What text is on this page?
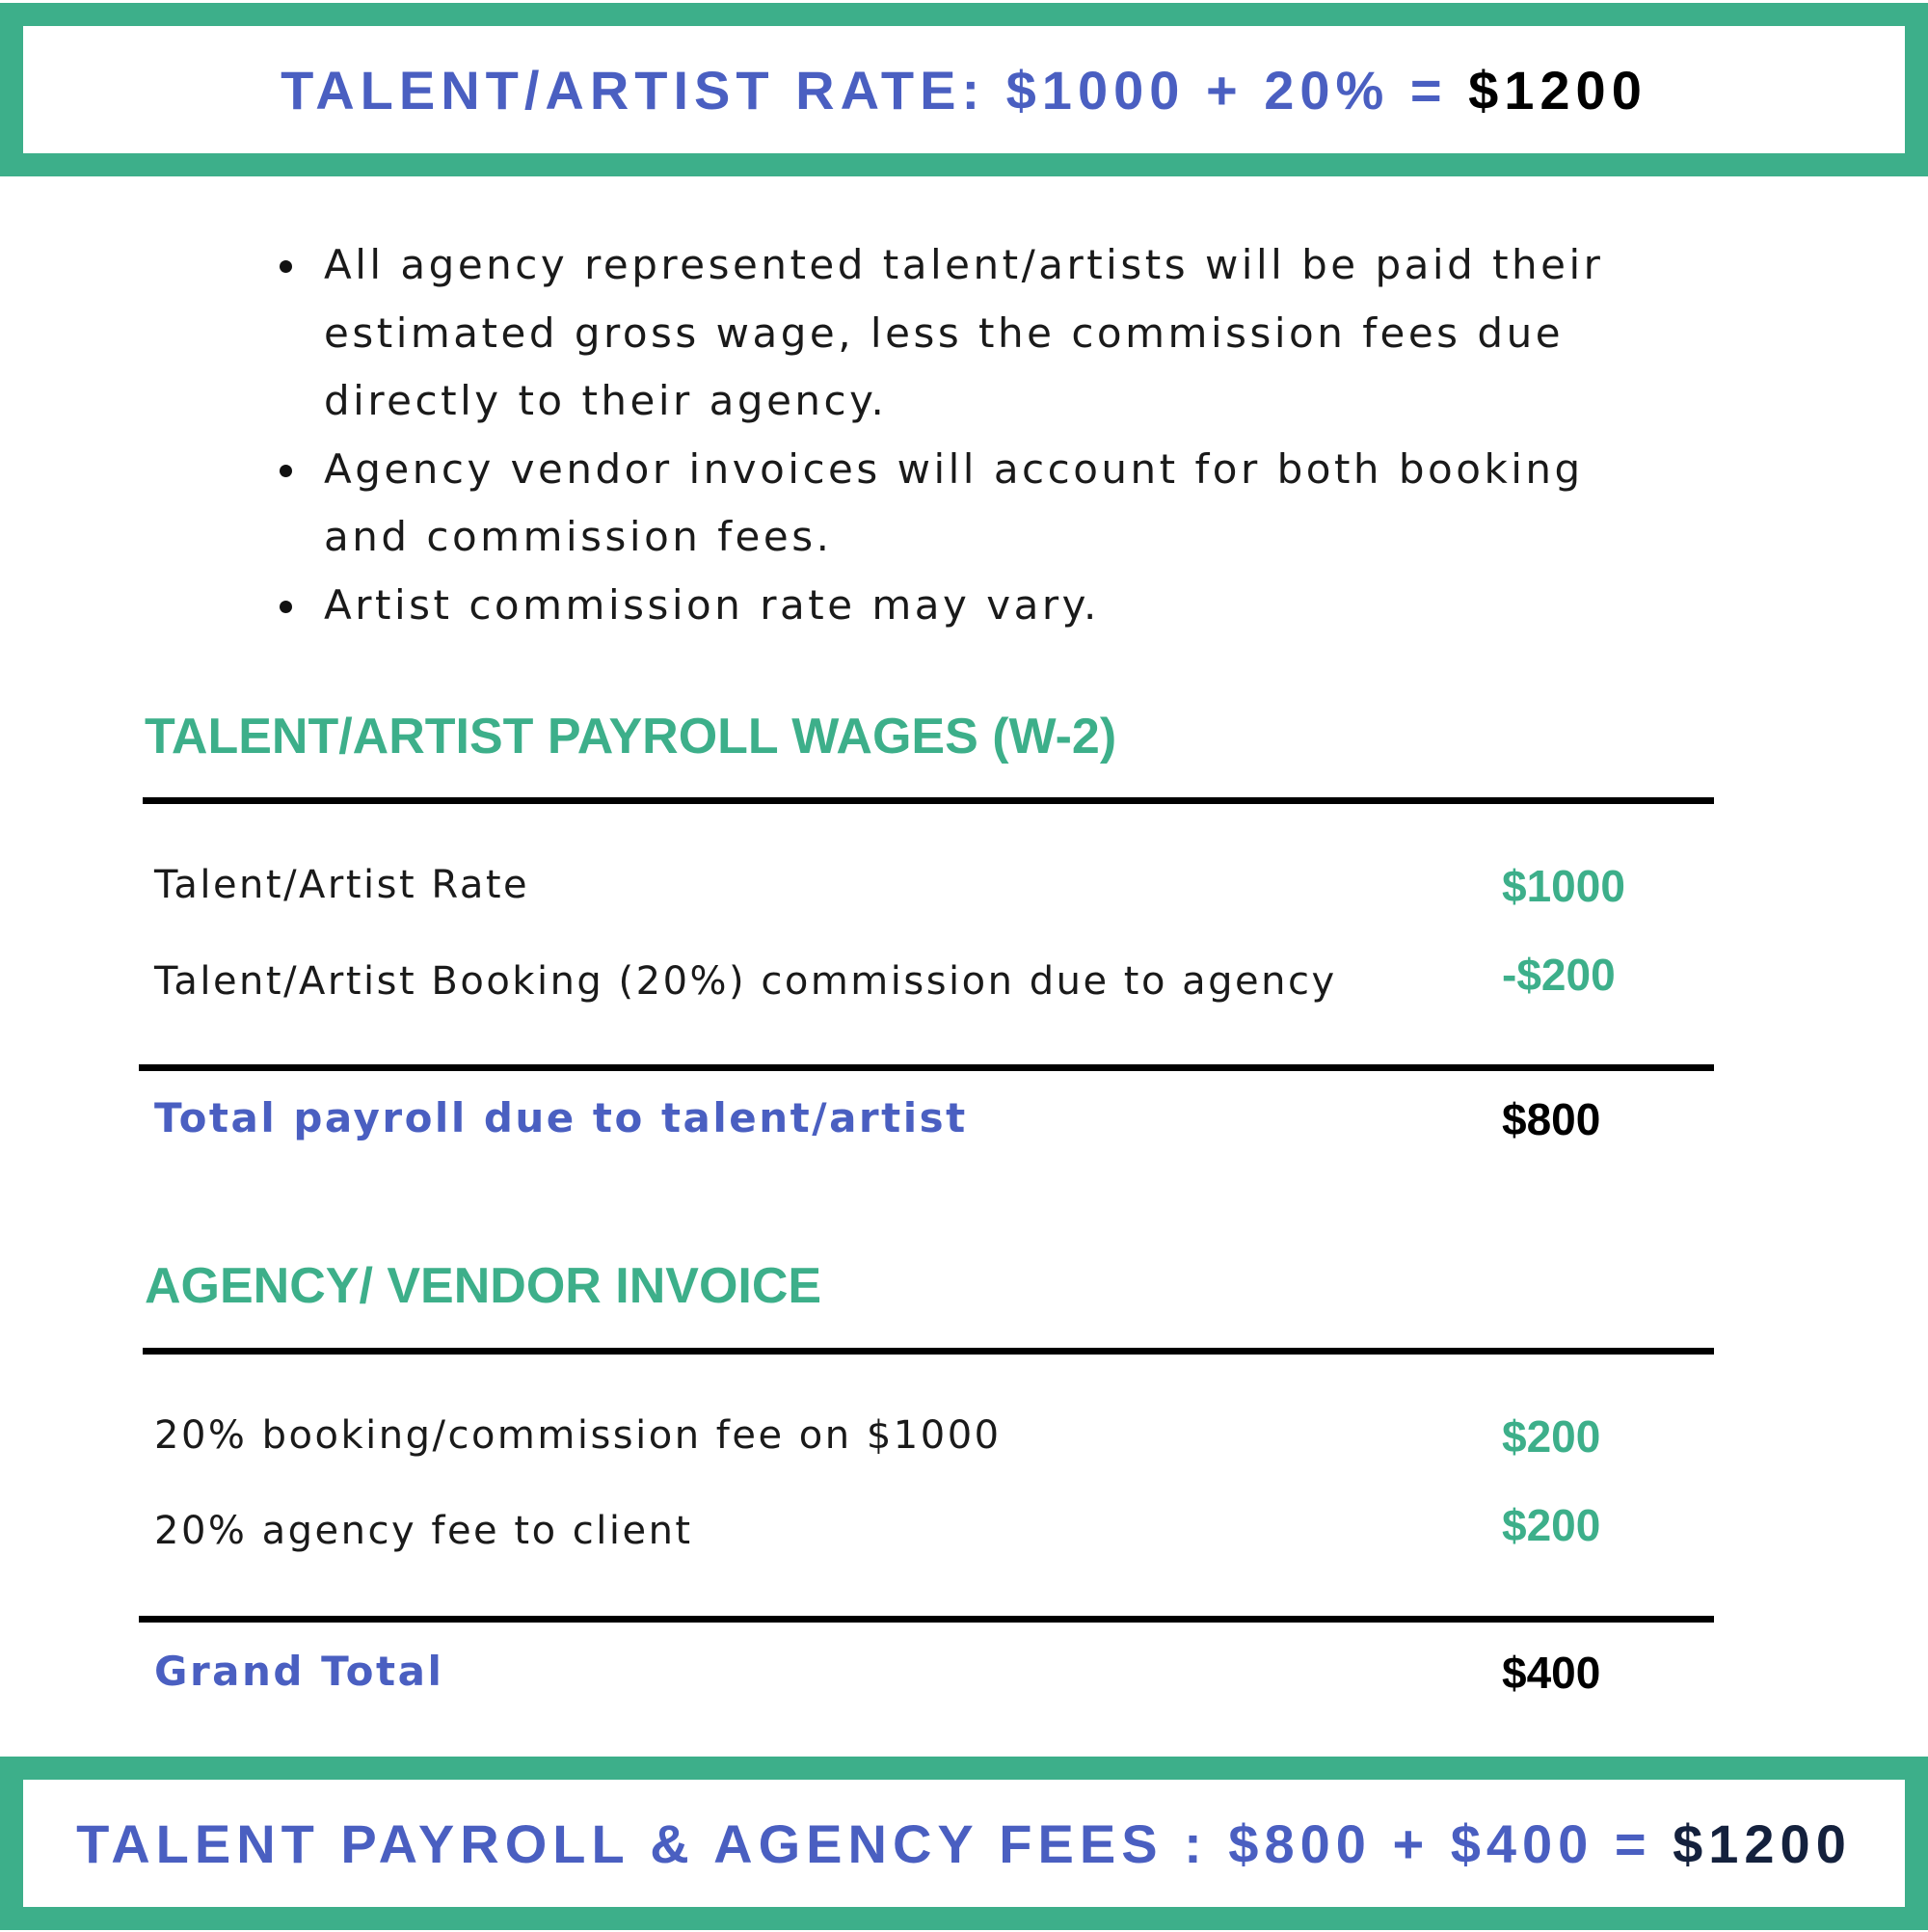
TALENT/ARTIST RATE: $1000 + 20% = $1200
All agency represented talent/artists will be paid their estimated gross wage, less the commission fees due directly to their agency.
Agency vendor invoices will account for both booking and commission fees.
Artist commission rate may vary.
TALENT/ARTIST PAYROLL WAGES (W-2)
Talent/Artist Rate	$1000
Talent/Artist Booking (20%) commission due to agency	-$200
Total payroll due to talent/artist	$800
AGENCY/ VENDOR INVOICE
20% booking/commission fee on $1000	$200
20% agency fee to client	$200
Grand Total	$400
TALENT PAYROLL & AGENCY FEES : $800 + $400 = $1200
